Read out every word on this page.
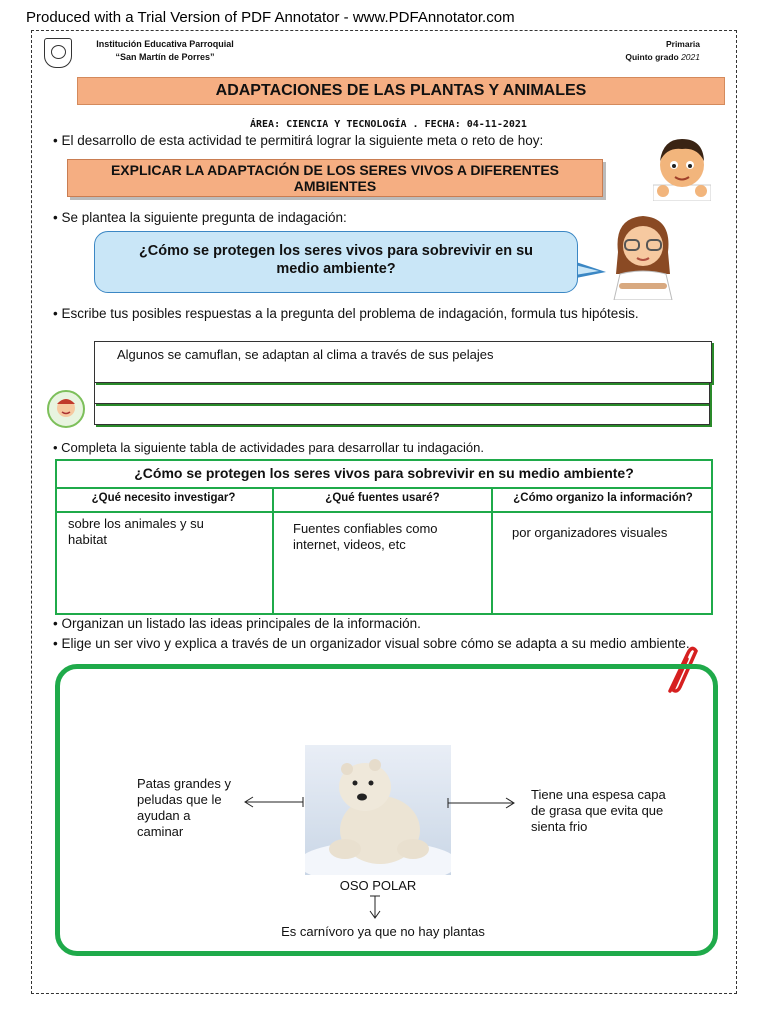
Produced with a Trial Version of PDF Annotator - www.PDFAnnotator.com
Institución Educativa Parroquial
“San Martín de Porres”
Primaria
Quinto grado 2021
ADAPTACIONES DE LAS PLANTAS Y ANIMALES
ÁREA: CIENCIA Y TECNOLOGÍA . FECHA: 04-11-2021
• El desarrollo de esta actividad te permitirá lograr la siguiente meta o reto de hoy:
EXPLICAR LA ADAPTACIÓN DE LOS SERES VIVOS A DIFERENTES
AMBIENTES
• Se plantea la siguiente pregunta de indagación:
¿Cómo se protegen los seres vivos para sobrevivir en su
medio ambiente?
• Escribe tus posibles respuestas a la pregunta del problema de indagación, formula tus hipótesis.
Algunos se camuflan, se adaptan al clima a través de sus pelajes
• Completa la siguiente tabla de actividades para desarrollar tu indagación.
¿Cómo se protegen los seres vivos para sobrevivir en su medio ambiente?
¿Qué necesito investigar?	¿Qué fuentes usaré?	¿Cómo organizo la información?
sobre los animales y su
habitat
Fuentes confiables como
internet, videos, etc
por organizadores visuales
• Organizan un listado las ideas principales de la información.
• Elige un ser vivo y explica a través de un organizador visual sobre cómo se adapta a su medio ambiente.
Patas grandes y
peludas que le
ayudan a
caminar
Tiene una espesa capa
de grasa que evita que
sienta frio
OSO POLAR
Es carnívoro ya que no hay plantas
